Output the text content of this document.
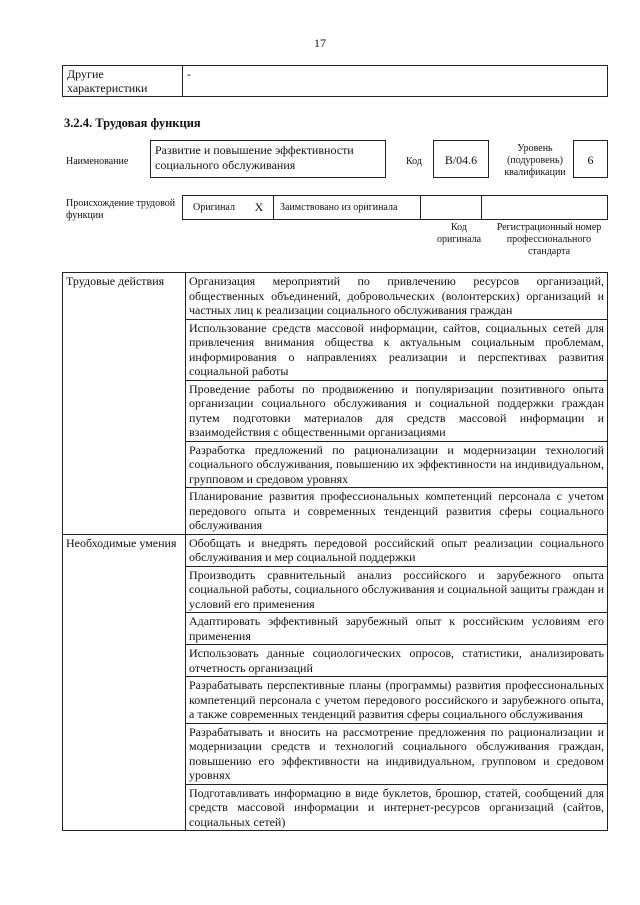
17
Другие характеристики	-
3.2.4. Трудовая функция
Наименование
Развитие и повышение эффективности социального обслуживания	Код	B/04.6
Уровень (подуровень) квалификации
6
Происхождение трудовой функции
Оригинал	X	Заимствовано из оригинала		
Код оригинала
Регистрационный номер профессионального стандарта
Трудовые действия	Организация мероприятий по привлечению ресурсов организаций, общественных объединений, добровольческих (волонтерских) организаций и частных лиц к реализации социального обслуживания граждан
	Использование средств массовой информации, сайтов, социальных сетей для привлечения внимания общества к актуальным социальным проблемам, информирования о направлениях реализации и перспективах развития социальной работы
	Проведение работы по продвижению и популяризации позитивного опыта организации социального обслуживания и социальной поддержки граждан путем подготовки материалов для средств массовой информации и взаимодействия с общественными организациями
	Разработка предложений по рационализации и модернизации технологий социального обслуживания, повышению их эффективности на индивидуальном, групповом и средовом уровнях
	Планирование развития профессиональных компетенций персонала с учетом передового опыта и современных тенденций развития сферы социального обслуживания
Необходимые умения	Обобщать и внедрять передовой российский опыт реализации социального обслуживания и мер социальной поддержки
	Производить сравнительный анализ российского и зарубежного опыта социальной работы, социального обслуживания и социальной защиты граждан и условий его применения
	Адаптировать эффективный зарубежный опыт к российским условиям его применения
	Использовать данные социологических опросов, статистики, анализировать отчетность организаций
	Разрабатывать перспективные планы (программы) развития профессиональных компетенций персонала с учетом передового российского и зарубежного опыта, а также современных тенденций развития сферы социального обслуживания
	Разрабатывать и вносить на рассмотрение предложения по рационализации и модернизации средств и технологий социального обслуживания граждан, повышению его эффективности на индивидуальном, групповом и средовом уровнях
	Подготавливать информацию в виде буклетов, брошюр, статей, сообщений для средств массовой информации и интернет-ресурсов организаций (сайтов, социальных сетей)
